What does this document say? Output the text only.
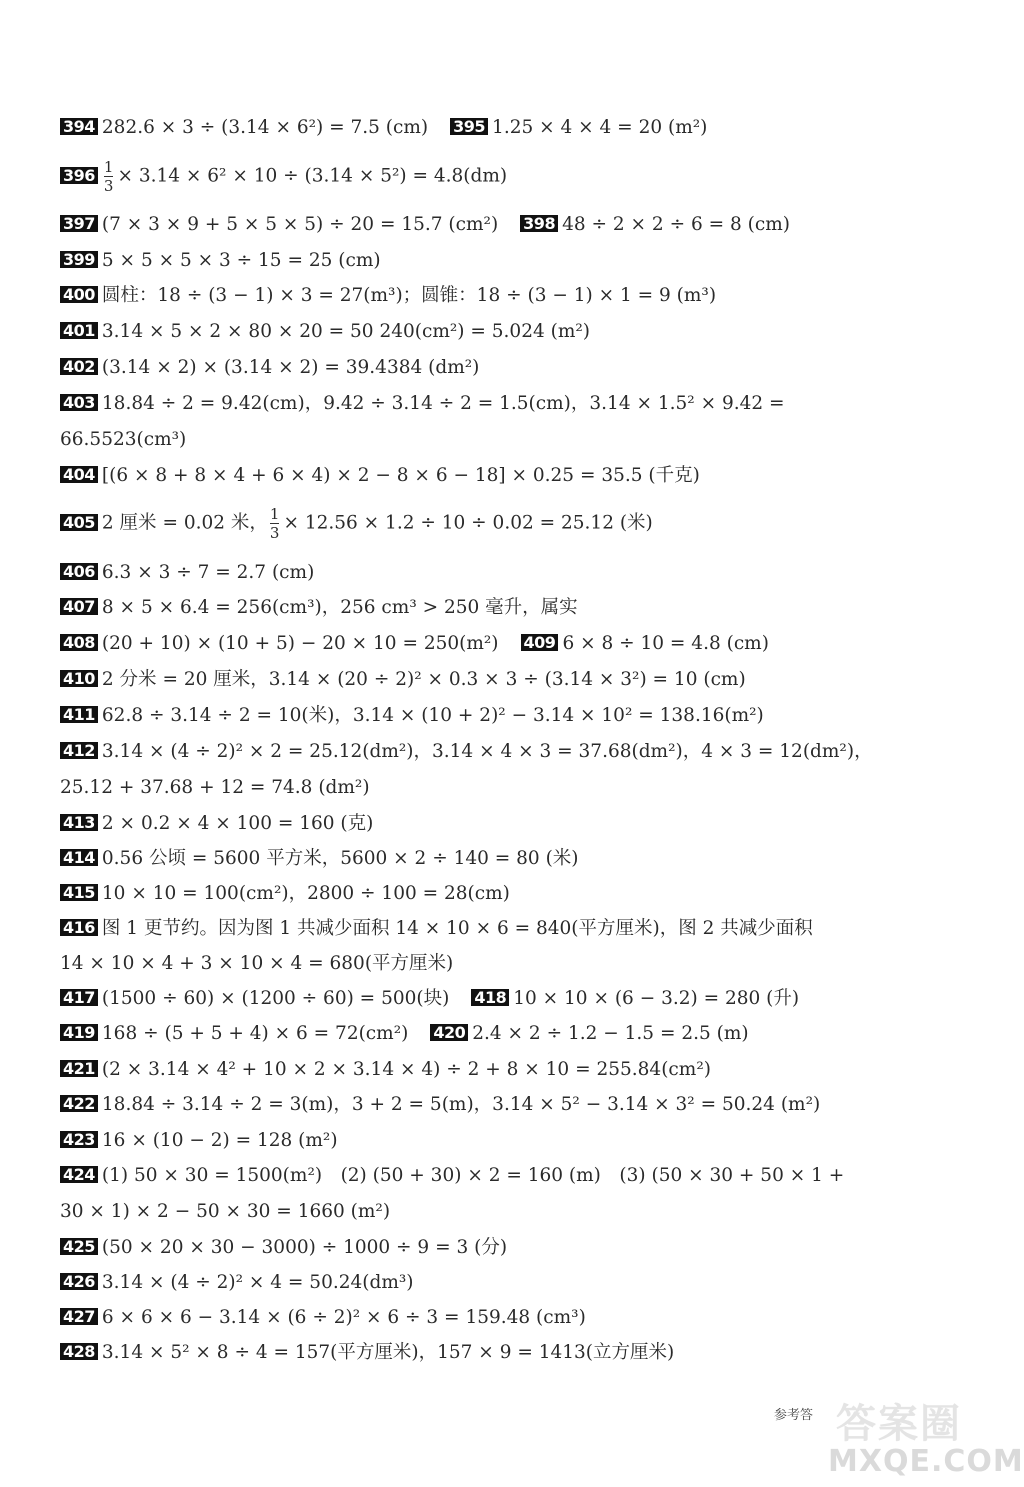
394 282.6 × 3 ÷ (3.14 × 6²) = 7.5 (cm) 395 1.25 × 4 × 4 = 20 (m²)
$396 \frac{1}{3} \times 3.14 \times 6^2 \times 10 \div (3.14 \times 5^2) = 4.8(dm)$
397 (7 × 3 × 9 + 5 × 5 × 5) ÷ 20 = 15.7 (cm²) 398 48 ÷ 2 × 2 ÷ 6 = 8 (cm)
399 5 × 5 × 5 × 3 ÷ 15 = 25 (cm)
400 圆柱：18 ÷ (3 − 1) × 3 = 27(m³)；圆锥：18 ÷ (3 − 1) × 1 = 9 (m³)
401 3.14 × 5 × 2 × 80 × 20 = 50 240(cm²) = 5.024 (m²)
402 (3.14 × 2) × (3.14 × 2) = 39.4384 (dm²)
403 18.84 ÷ 2 = 9.42(cm)，9.42 ÷ 3.14 ÷ 2 = 1.5(cm)，3.14 × 1.5² × 9.42 =
66.5523(cm³)
404 [(6 × 8 + 8 × 4 + 6 × 4) × 2 − 8 × 6 − 18] × 0.25 = 35.5 (千克)
405 2 厘米 = 0.02 米， $\frac{1}{3} \times 12.56 \times 1.2 \div 10 \div 0.02 = 25.12$ (米)
406 6.3 × 3 ÷ 7 = 2.7 (cm)
407 8 × 5 × 6.4 = 256(cm³)，256 cm³ > 250 毫升，属实
408 (20 + 10) × (10 + 5) − 20 × 10 = 250(m²) 409 6 × 8 ÷ 10 = 4.8 (cm)
410 2 分米 = 20 厘米，3.14 × (20 ÷ 2)² × 0.3 × 3 ÷ (3.14 × 3²) = 10 (cm)
411 62.8 ÷ 3.14 ÷ 2 = 10(米)，3.14 × (10 + 2)² − 3.14 × 10² = 138.16(m²)
412 3.14 × (4 ÷ 2)² × 2 = 25.12(dm²)，3.14 × 4 × 3 = 37.68(dm²)，4 × 3 = 12(dm²)，
25.12 + 37.68 + 12 = 74.8 (dm²)
413 2 × 0.2 × 4 × 100 = 160 (克)
414 0.56 公顷 = 5600 平方米，5600 × 2 ÷ 140 = 80 (米)
415 10 × 10 = 100(cm²)，2800 ÷ 100 = 28(cm)
416 图 1 更节约。因为图 1 共减少面积 14 × 10 × 6 = 840(平方厘米)，图 2 共减少面积
14 × 10 × 4 + 3 × 10 × 4 = 680(平方厘米)
417 (1500 ÷ 60) × (1200 ÷ 60) = 500(块) 418 10 × 10 × (6 − 3.2) = 280 (升)
419 168 ÷ (5 + 5 + 4) × 6 = 72(cm²) 420 2.4 × 2 ÷ 1.2 − 1.5 = 2.5 (m)
421 (2 × 3.14 × 4² + 10 × 2 × 3.14 × 4) ÷ 2 + 8 × 10 = 255.84(cm²)
422 18.84 ÷ 3.14 ÷ 2 = 3(m)，3 + 2 = 5(m)，3.14 × 5² − 3.14 × 3² = 50.24 (m²)
423 16 × (10 − 2) = 128 (m²)
424 (1) 50 × 30 = 1500(m²)　(2) (50 + 30) × 2 = 160 (m)　(3) (50 × 30 + 50 × 1 +
30 × 1) × 2 − 50 × 30 = 1660 (m²)
425 (50 × 20 × 30 − 3000) ÷ 1000 ÷ 9 = 3 (分)
426 3.14 × (4 ÷ 2)² × 4 = 50.24(dm³)
427 6 × 6 × 6 − 3.14 × (6 ÷ 2)² × 6 ÷ 3 = 159.48 (cm³)
428 3.14 × 5² × 8 ÷ 4 = 157(平方厘米)，157 × 9 = 1413(立方厘米)
参考答 答案圈
MXQE.COM
